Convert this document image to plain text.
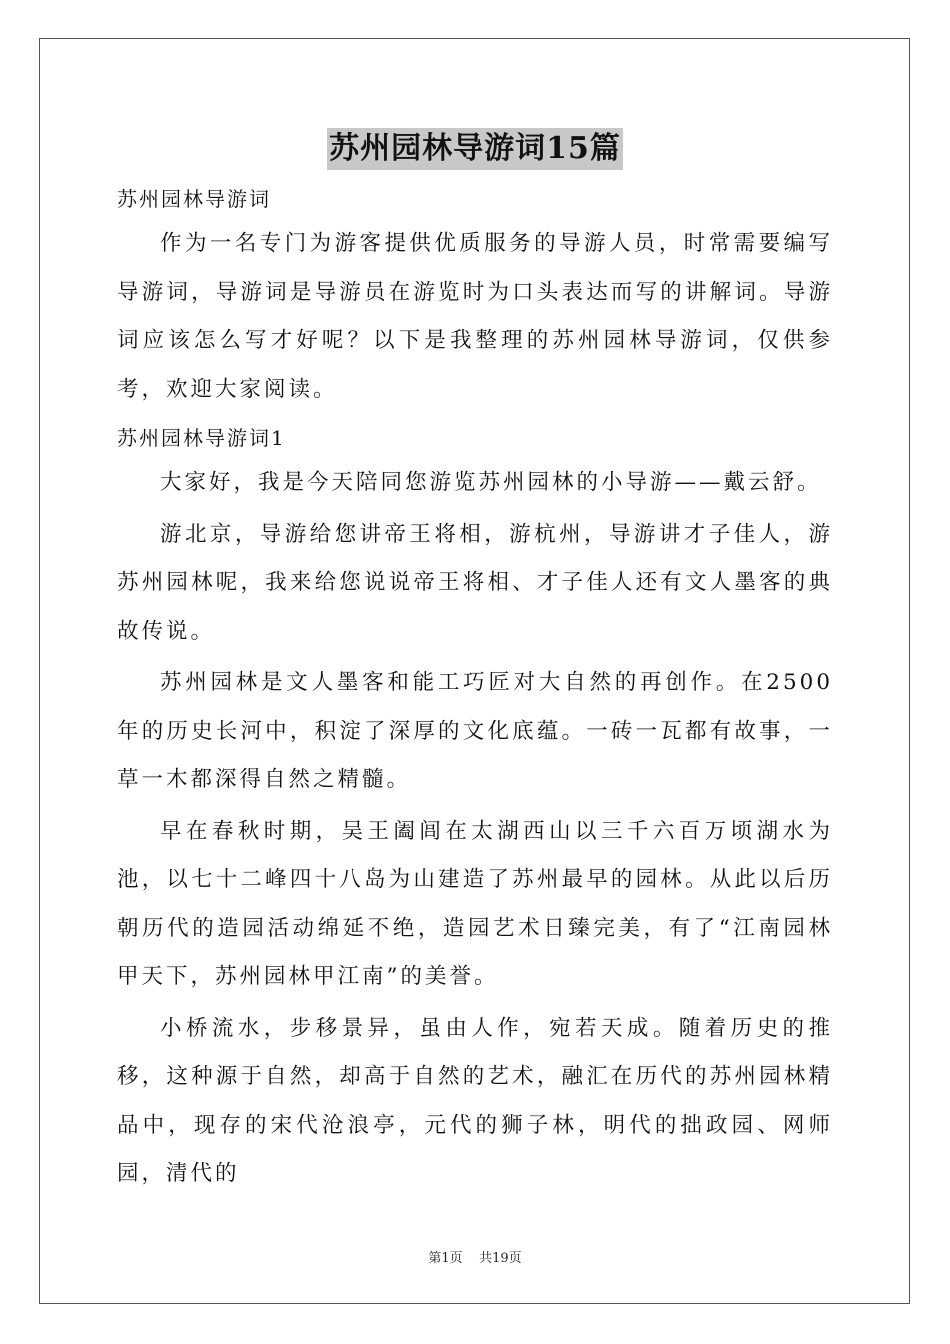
苏州园林导游词15篇

苏州园林导游词

作为一名专门为游客提供优质服务的导游人员，时常需要编写导游词，导游词是导游员在游览时为口头表达而写的讲解词。导游词应该怎么写才好呢？以下是我整理的苏州园林导游词，仅供参考，欢迎大家阅读。

苏州园林导游词1

大家好，我是今天陪同您游览苏州园林的小导游——戴云舒。

游北京，导游给您讲帝王将相，游杭州，导游讲才子佳人，游苏州园林呢，我来给您说说帝王将相、才子佳人还有文人墨客的典故传说。

苏州园林是文人墨客和能工巧匠对大自然的再创作。在2500年的历史长河中，积淀了深厚的文化底蕴。一砖一瓦都有故事，一草一木都深得自然之精髓。

早在春秋时期，吴王阖闾在太湖西山以三千六百万顷湖水为池，以七十二峰四十八岛为山建造了苏州最早的园林。从此以后历朝历代的造园活动绵延不绝，造园艺术日臻完美，有了“江南园林甲天下，苏州园林甲江南”的美誉。

小桥流水，步移景异，虽由人作，宛若天成。随着历史的推移，这种源于自然，却高于自然的艺术，融汇在历代的苏州园林精品中，现存的宋代沧浪亭，元代的狮子林，明代的拙政园、网师园，清代的

第1页 共19页
